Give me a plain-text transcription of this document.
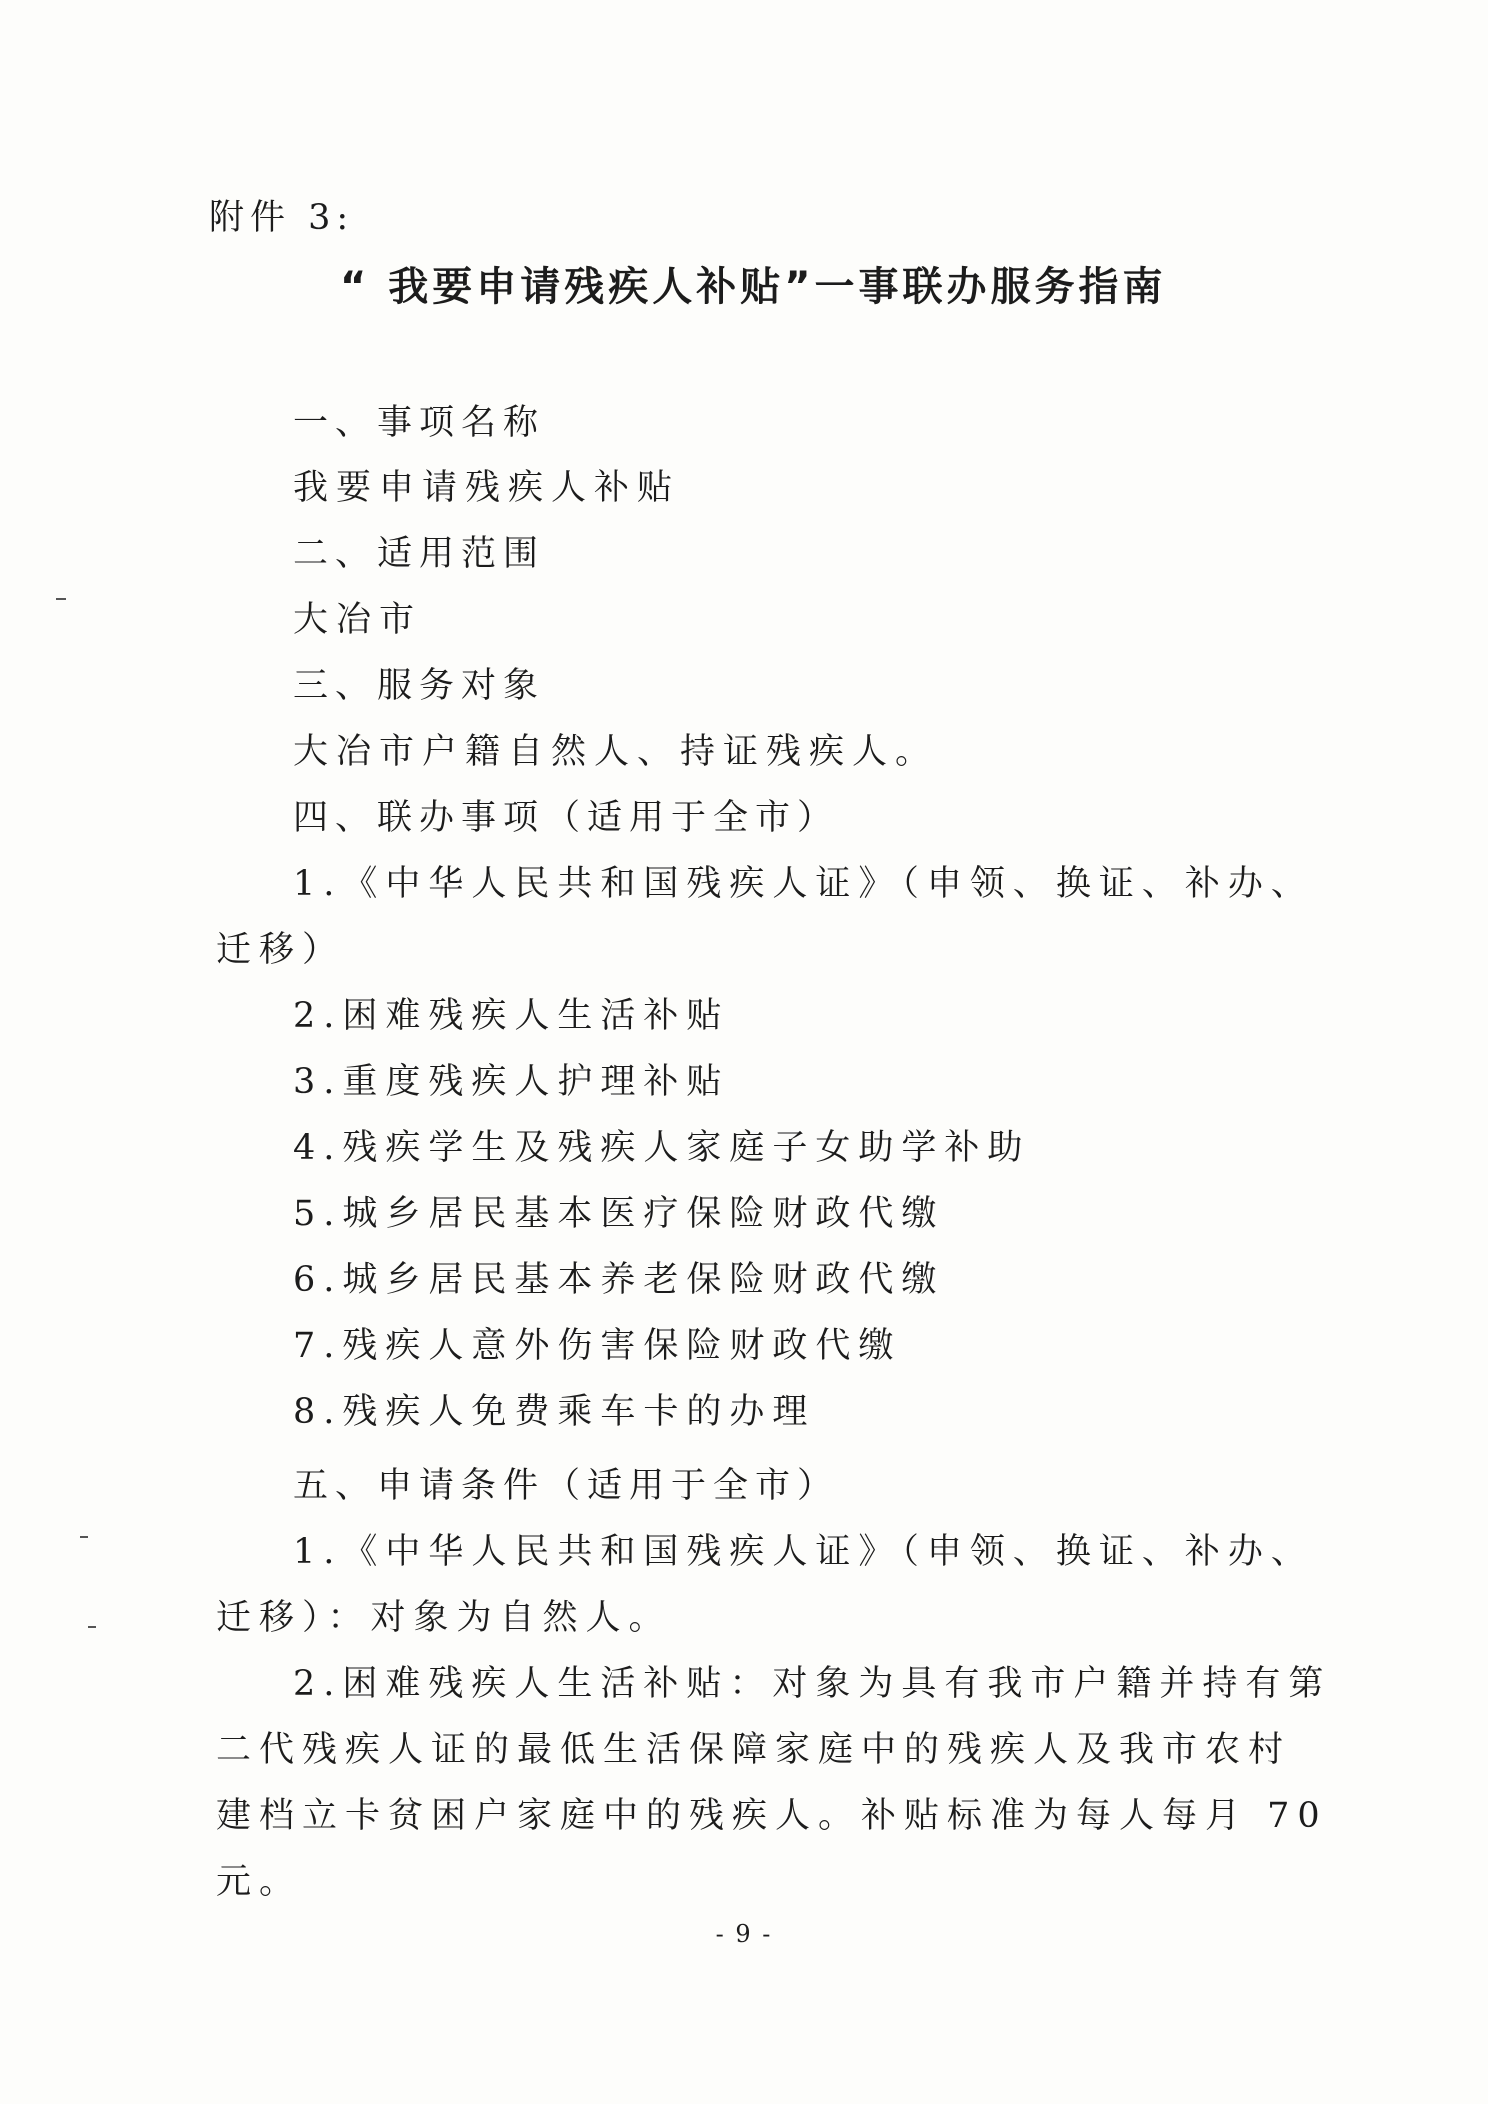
附件 3:
“ 我要申请残疾人补贴”一事联办服务指南
一、事项名称
我要申请残疾人补贴
二、适用范围
大冶市
三、服务对象
大冶市户籍自然人、持证残疾人。
四、联办事项（适用于全市）
1.《中华人民共和国残疾人证》（申领、换证、补办、
迁移）
2.困难残疾人生活补贴
3.重度残疾人护理补贴
4.残疾学生及残疾人家庭子女助学补助
5.城乡居民基本医疗保险财政代缴
6.城乡居民基本养老保险财政代缴
7.残疾人意外伤害保险财政代缴
8.残疾人免费乘车卡的办理
五、申请条件（适用于全市）
1.《中华人民共和国残疾人证》（申领、换证、补办、
迁移）：对象为自然人。
2.困难残疾人生活补贴：对象为具有我市户籍并持有第
二代残疾人证的最低生活保障家庭中的残疾人及我市农村
建档立卡贫困户家庭中的残疾人。补贴标准为每人每月 70
元。
- 9 -
